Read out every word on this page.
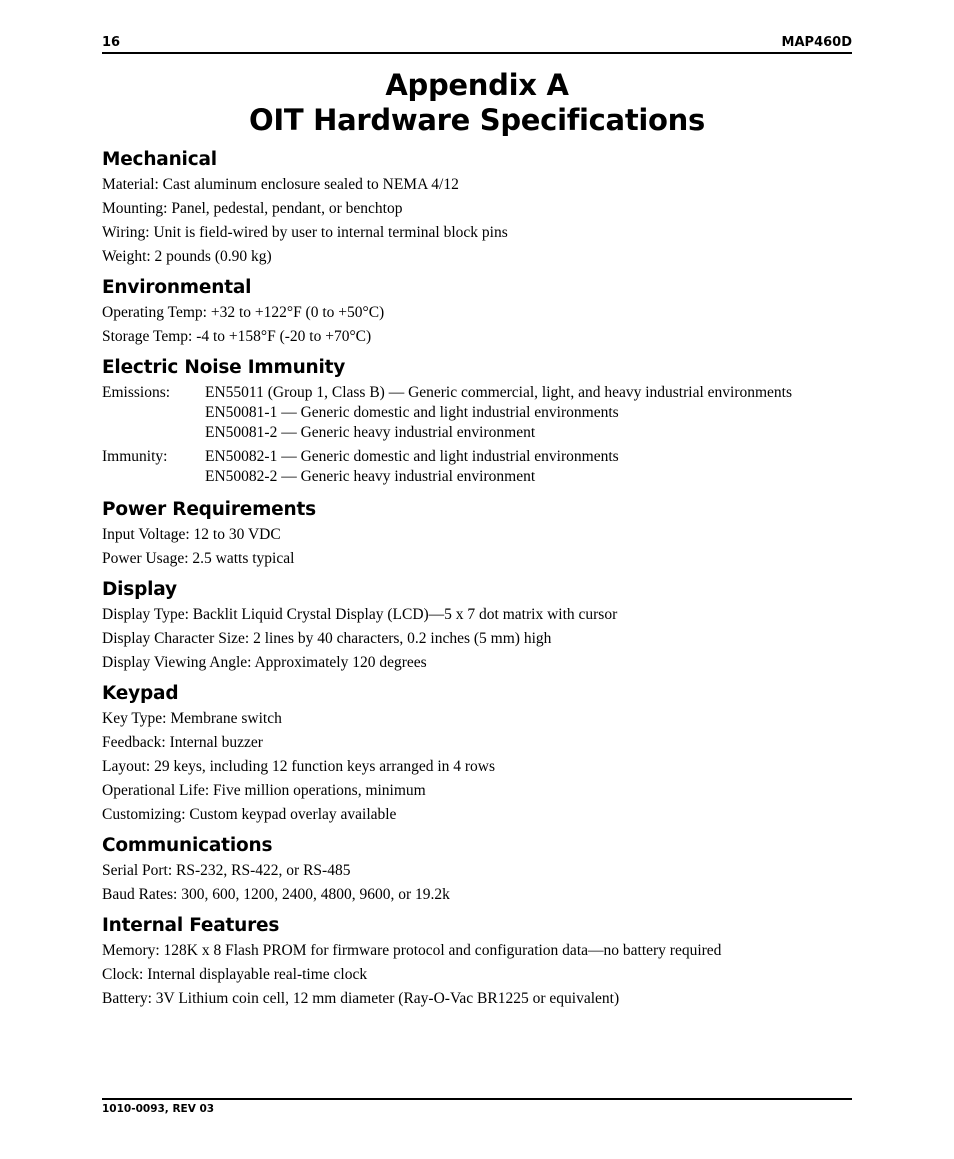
16	MAP460D
Appendix A
OIT Hardware Specifications
Mechanical
Material: Cast aluminum enclosure sealed to NEMA 4/12
Mounting: Panel, pedestal, pendant, or benchtop
Wiring: Unit is field-wired by user to internal terminal block pins
Weight: 2 pounds (0.90 kg)
Environmental
Operating Temp: +32 to +122°F (0 to +50°C)
Storage Temp: -4 to +158°F (-20 to +70°C)
Electric Noise Immunity
Emissions:	EN55011 (Group 1, Class B) — Generic commercial, light, and heavy industrial environments
EN50081-1 — Generic domestic and light industrial environments
EN50081-2 — Generic heavy industrial environment
Immunity:	EN50082-1 — Generic domestic and light industrial environments
EN50082-2 — Generic heavy industrial environment
Power Requirements
Input Voltage: 12 to 30 VDC
Power Usage: 2.5 watts typical
Display
Display Type: Backlit Liquid Crystal Display (LCD)—5 x 7 dot matrix with cursor
Display Character Size: 2 lines by 40 characters, 0.2 inches (5 mm) high
Display Viewing Angle: Approximately 120 degrees
Keypad
Key Type: Membrane switch
Feedback: Internal buzzer
Layout: 29 keys, including 12 function keys arranged in 4 rows
Operational Life: Five million operations, minimum
Customizing: Custom keypad overlay available
Communications
Serial Port: RS-232, RS-422, or RS-485
Baud Rates: 300, 600, 1200, 2400, 4800, 9600, or 19.2k
Internal Features
Memory: 128K x 8 Flash PROM for firmware protocol and configuration data—no battery required
Clock: Internal displayable real-time clock
Battery: 3V Lithium coin cell, 12 mm diameter (Ray-O-Vac BR1225 or equivalent)
1010-0093, REV 03
